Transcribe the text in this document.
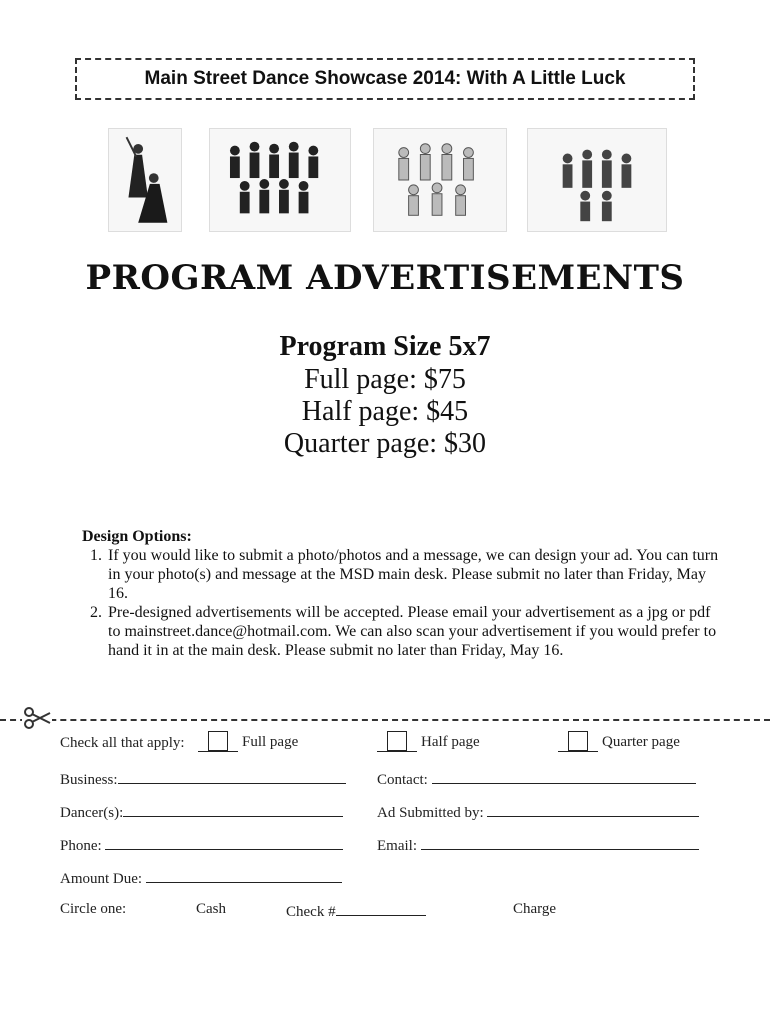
Main Street Dance Showcase 2014: With A Little Luck
PROGRAM ADVERTISEMENTS
Program Size 5x7
Full page: $75
Half page: $45
Quarter page: $30
Design Options:
1. If you would like to submit a photo/photos and a message, we can design your ad. You can turn in your photo(s) and message at the MSD main desk. Please submit no later than Friday, May 16.
2. Pre-designed advertisements will be accepted. Please email your advertisement as a jpg or pdf to mainstreet.dance@hotmail.com. We can also scan your advertisement if you would prefer to hand it in at the main desk. Please submit no later than Friday, May 16.
Check all that apply:	Full page	Half page	Quarter page
Business:	Contact:
Dancer(s):	Ad Submitted by:
Phone:	Email:
Amount Due:
Circle one:	Cash	Check #	Charge
